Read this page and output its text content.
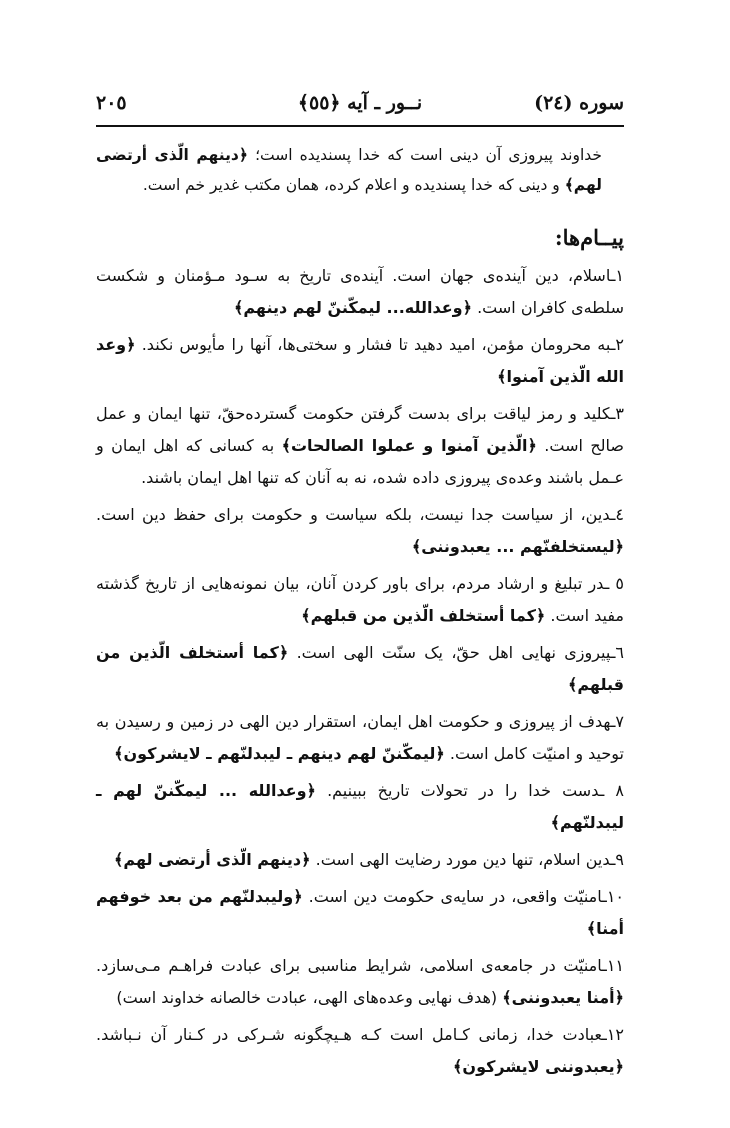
سوره (٢٤)
نــور ـ آیه ﴿٥٥﴾
٢٠٥

خداوند پیروزی آن دینی است که خدا پسندیده است؛ ﴿دینهم الّذی أرتضی لهم﴾ و دینی که خدا پسندیده و اعلام کرده، همان مکتب غدیر خم است.

پیــام‌ها:

١ـاسلام، دین آینده‌ی جهان است. آینده‌ی تاریخ به سـود مـؤمنان و شکست سلطه‌ی کافران است. ﴿وعدالله... لیمکّننّ لهم دینهم﴾

٢ـبه محرومان مؤمن، امید دهید تا فشار و سختی‌ها، آنها را مأیوس نکند. ﴿وعد الله الّذین آمنوا﴾

٣ـکلید و رمز لیاقت برای بدست گرفتن حکومت گسترده‌حقّ، تنها ایمان و عمل صالح است. ﴿الّذین آمنوا و عملوا الصالحات﴾ به کسانی که اهل ایمان و عـمل باشند وعده‌ی پیروزی داده شده، نه به آنان که تنها اهل ایمان باشند.

٤ـدین، از سیاست جدا نیست، بلکه سیاست و حکومت برای حفظ دین است. ﴿لیستخلفنّهم ... یعبدوننی﴾

٥ ـدر تبلیغ و ارشاد مردم، برای باور کردن آنان، بیان نمونه‌هایی از تاریخ گذشته مفید است. ﴿کما أستخلف الّذین من قبلهم﴾

٦ـپیروزی نهایی اهل حقّ، یک سنّت الهی است. ﴿کما أستخلف الّذین من قبلهم﴾

٧ـهدف از پیروزی و حکومت اهل ایمان، استقرار دین الهی در زمین و رسیدن به توحید و امنیّت کامل است. ﴿لیمکّننّ لهم دینهم ـ لیبدلنّهم ـ لایشرکون﴾

٨ ـدست خدا را در تحولات تاریخ ببینیم. ﴿وعدالله ... لیمکّننّ لهم ـ لیبدلنّهم﴾

٩ـدین اسلام، تنها دین مورد رضایت الهی است. ﴿دینهم الّذی أرتضی لهم﴾

١٠ـامنیّت واقعی، در سایه‌ی حکومت دین است. ﴿ولیبدلنّهم من بعد خوفهم أمنا﴾

١١ـامنیّت در جامعه‌ی اسلامی، شرایط مناسبی برای عبادت فراهـم مـی‌سازد. ﴿أمنا یعبدوننی﴾ (هدف نهایی وعده‌های الهی، عبادت خالصانه خداوند است)

١٢ـعبادت خدا، زمانی کـامل است کـه هـیچگونه شـرکی در کـنار آن نـباشد. ﴿یعبدوننی لایشرکون﴾
